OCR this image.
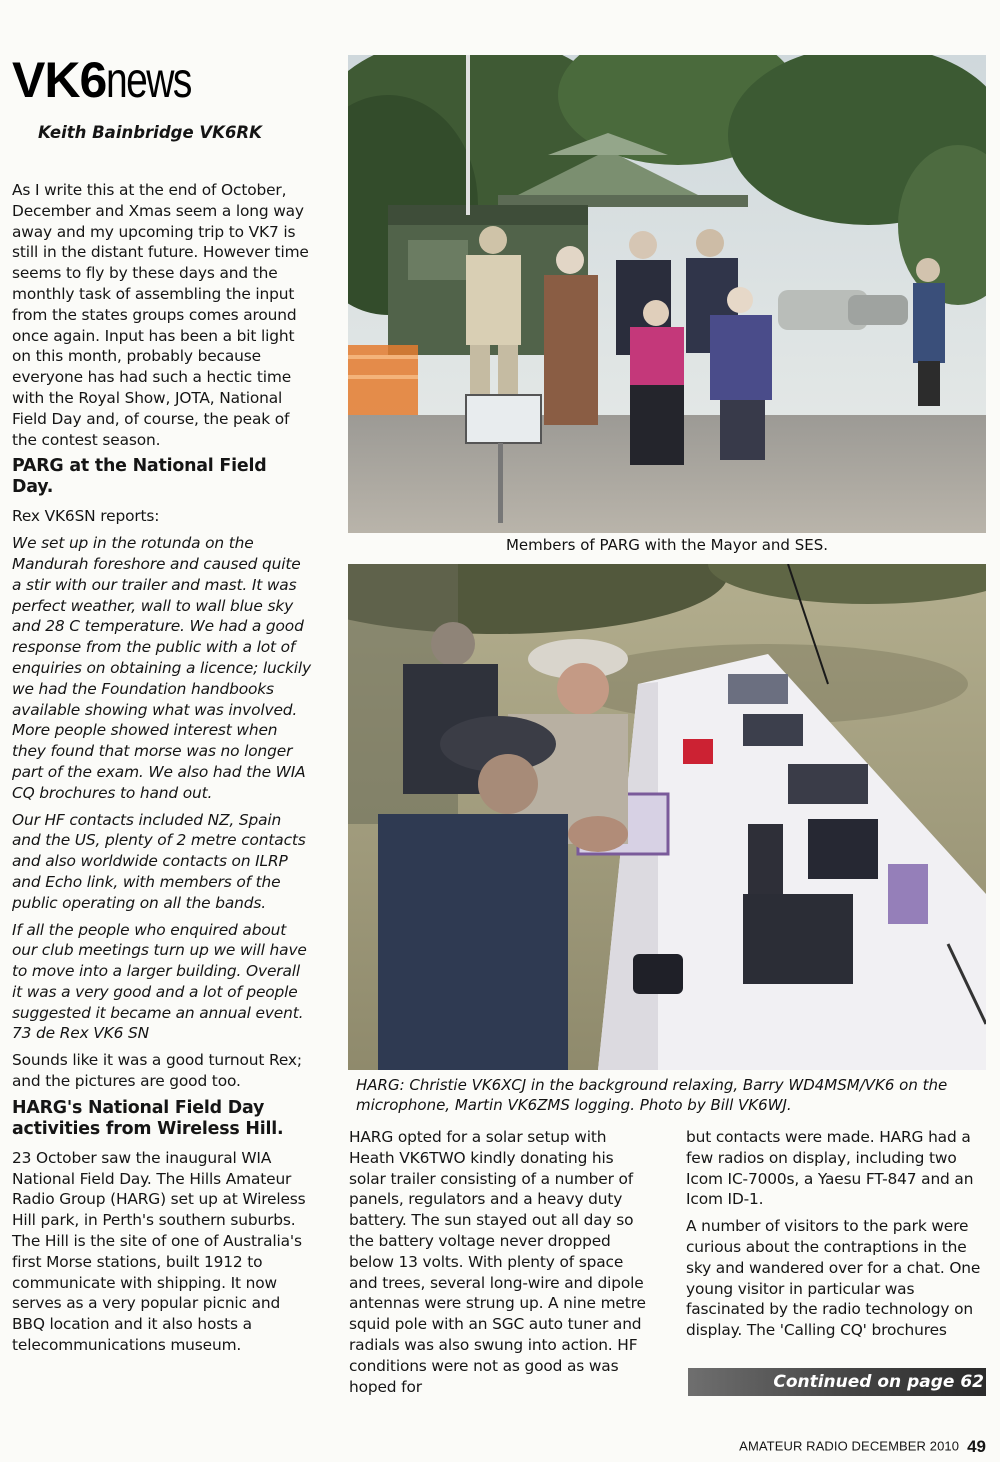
VK6news
Keith Bainbridge VK6RK

As I write this at the end of October, December and Xmas seem a long way away and my upcoming trip to VK7 is still in the distant future. However time seems to fly by these days and the monthly task of assembling the input from the states groups comes around once again. Input has been a bit light on this month, probably because everyone has had such a hectic time with the Royal Show, JOTA, National Field Day and, of course, the peak of the contest season.

PARG at the National Field Day.

Rex VK6SN reports:

We set up in the rotunda on the Mandurah foreshore and caused quite a stir with our trailer and mast. It was perfect weather, wall to wall blue sky and 28 C temperature. We had a good response from the public with a lot of enquiries on obtaining a licence; luckily we had the Foundation handbooks available showing what was involved. More people showed interest when they found that morse was no longer part of the exam. We also had the WIA CQ brochures to hand out.

Our HF contacts included NZ, Spain and the US, plenty of 2 metre contacts and also worldwide contacts on ILRP and Echo link, with members of the public operating on all the bands.

If all the people who enquired about our club meetings turn up we will have to move into a larger building. Overall it was a very good and a lot of people suggested it became an annual event. 73 de Rex VK6 SN

Sounds like it was a good turnout Rex; and the pictures are good too.

HARG's National Field Day activities from Wireless Hill.

23 October saw the inaugural WIA National Field Day. The Hills Amateur Radio Group (HARG) set up at Wireless Hill park, in Perth's southern suburbs. The Hill is the site of one of Australia's first Morse stations, built 1912 to communicate with shipping. It now serves as a very popular picnic and BBQ location and it also hosts a telecommunications museum.

Members of PARG with the Mayor and SES.
HARG: Christie VK6XCJ in the background relaxing, Barry WD4MSM/VK6 on the microphone, Martin VK6ZMS logging. Photo by Bill VK6WJ.

HARG opted for a solar setup with Heath VK6TWO kindly donating his solar trailer consisting of a number of panels, regulators and a heavy duty battery. The sun stayed out all day so the battery voltage never dropped below 13 volts. With plenty of space and trees, several long-wire and dipole antennas were strung up. A nine metre squid pole with an SGC auto tuner and radials was also swung into action. HF conditions were not as good as was hoped for

but contacts were made. HARG had a few radios on display, including two Icom IC-7000s, a Yaesu FT-847 and an Icom ID-1.

A number of visitors to the park were curious about the contraptions in the sky and wandered over for a chat. One young visitor in particular was fascinated by the radio technology on display. The 'Calling CQ' brochures

Continued on page 62
AMATEUR RADIO DECEMBER 2010 49
